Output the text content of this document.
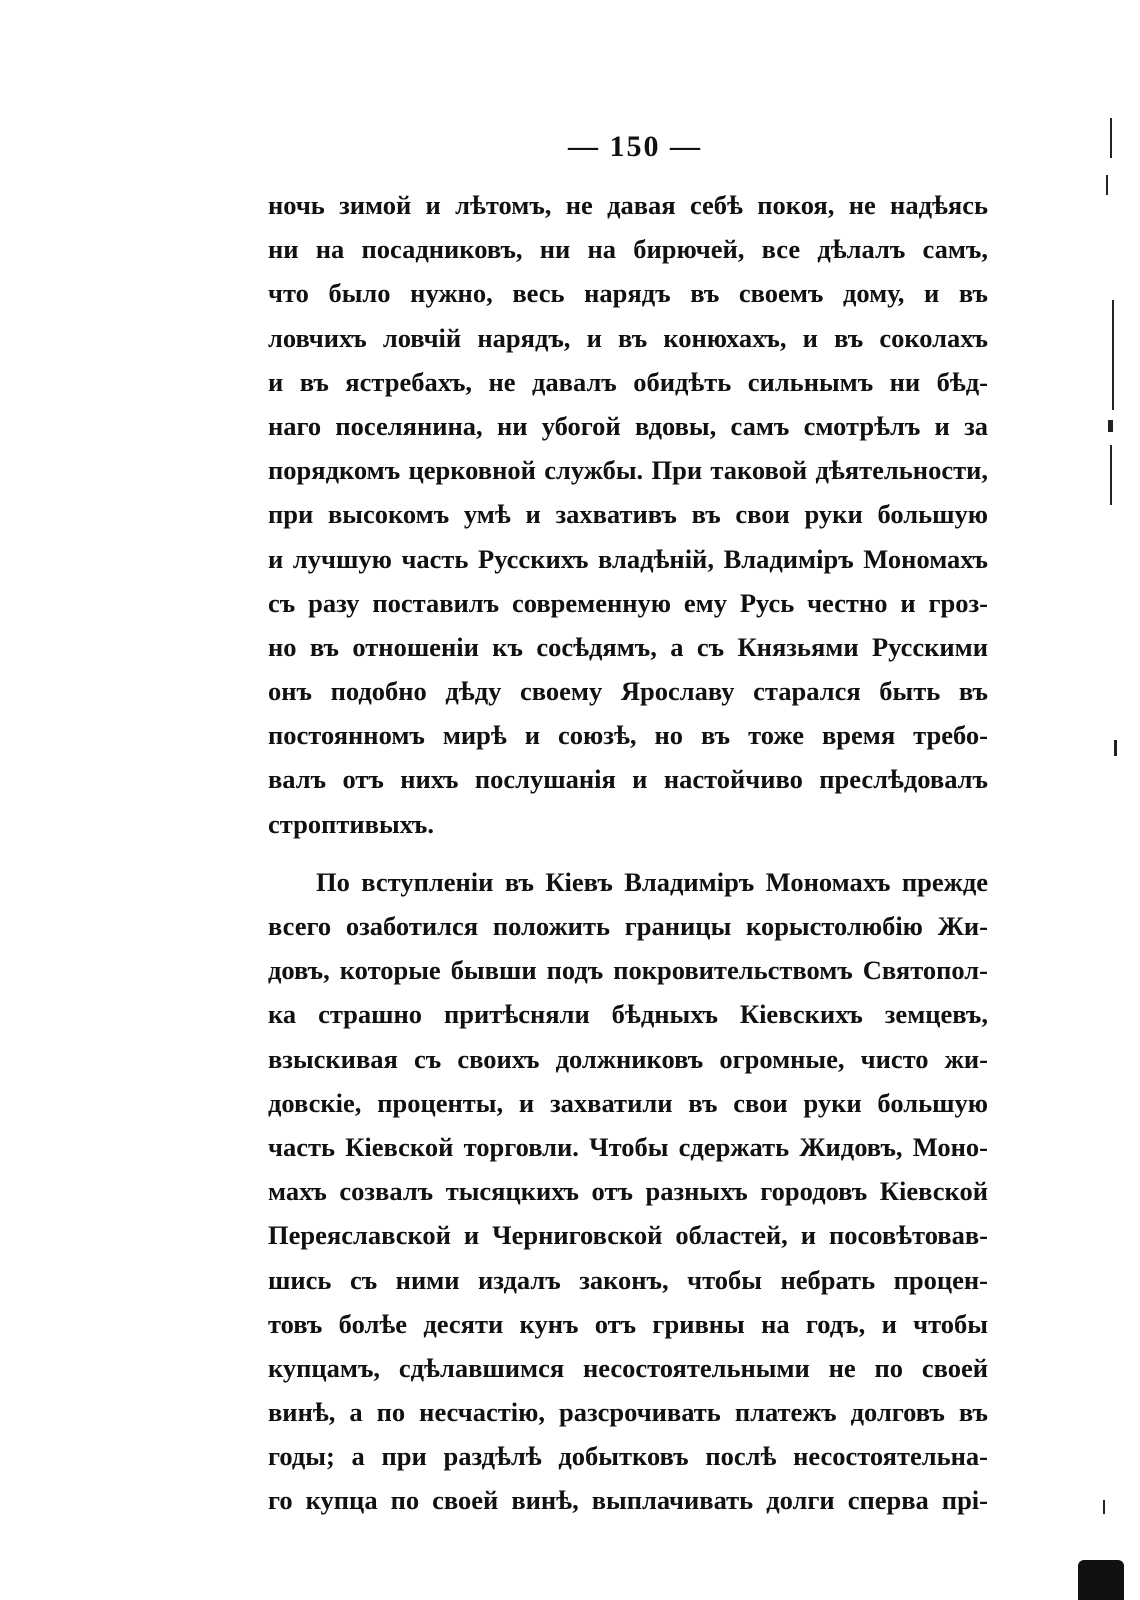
— 150 —
ночь зимой и лѣтомъ, не давая себѣ покоя, не надѣясь
ни на посадниковъ, ни на бирючей, все дѣлалъ самъ,
что было нужно, весь нарядъ въ своемъ дому, и въ
ловчихъ ловчій нарядъ, и въ конюхахъ, и въ соколахъ
и въ ястребахъ, не давалъ обидѣть сильнымъ ни бѣд-
наго поселянина, ни убогой вдовы, самъ смотрѣлъ и за
порядкомъ церковной службы. При таковой дѣятельности,
при высокомъ умѣ и захвативъ въ свои руки большую
и лучшую часть Русскихъ владѣній, Владиміръ Мономахъ
съ разу поставилъ современную ему Русь честно и гроз-
но въ отношеніи къ сосѣдямъ, а съ Князьями Русскими
онъ подобно дѣду своему Ярославу старался быть въ
постоянномъ мирѣ и союзѣ, но въ тоже время требо-
валъ отъ нихъ послушанія и настойчиво преслѣдовалъ
строптивыхъ.
По вступленіи въ Кіевъ Владиміръ Мономахъ прежде
всего озаботился положить границы корыстолюбію Жи-
довъ, которые бывши подъ покровительствомъ Святопол-
ка страшно притѣсняли бѣдныхъ Кіевскихъ земцевъ,
взыскивая съ своихъ должниковъ огромные, чисто жи-
довскіе, проценты, и захватили въ свои руки большую
часть Кіевской торговли. Чтобы сдержать Жидовъ, Моно-
махъ созвалъ тысяцкихъ отъ разныхъ городовъ Кіевской
Переяславской и Черниговской областей, и посовѣтовав-
шись съ ними издалъ законъ, чтобы небрать процен-
товъ болѣе десяти кунъ отъ гривны на годъ, и чтобы
купцамъ, сдѣлавшимся несостоятельными не по своей
винѣ, а по несчастію, разсрочивать платежъ долговъ въ
годы; а при раздѣлѣ добытковъ послѣ несостоятельна-
го купца по своей винѣ, выплачивать долги сперва прі-
